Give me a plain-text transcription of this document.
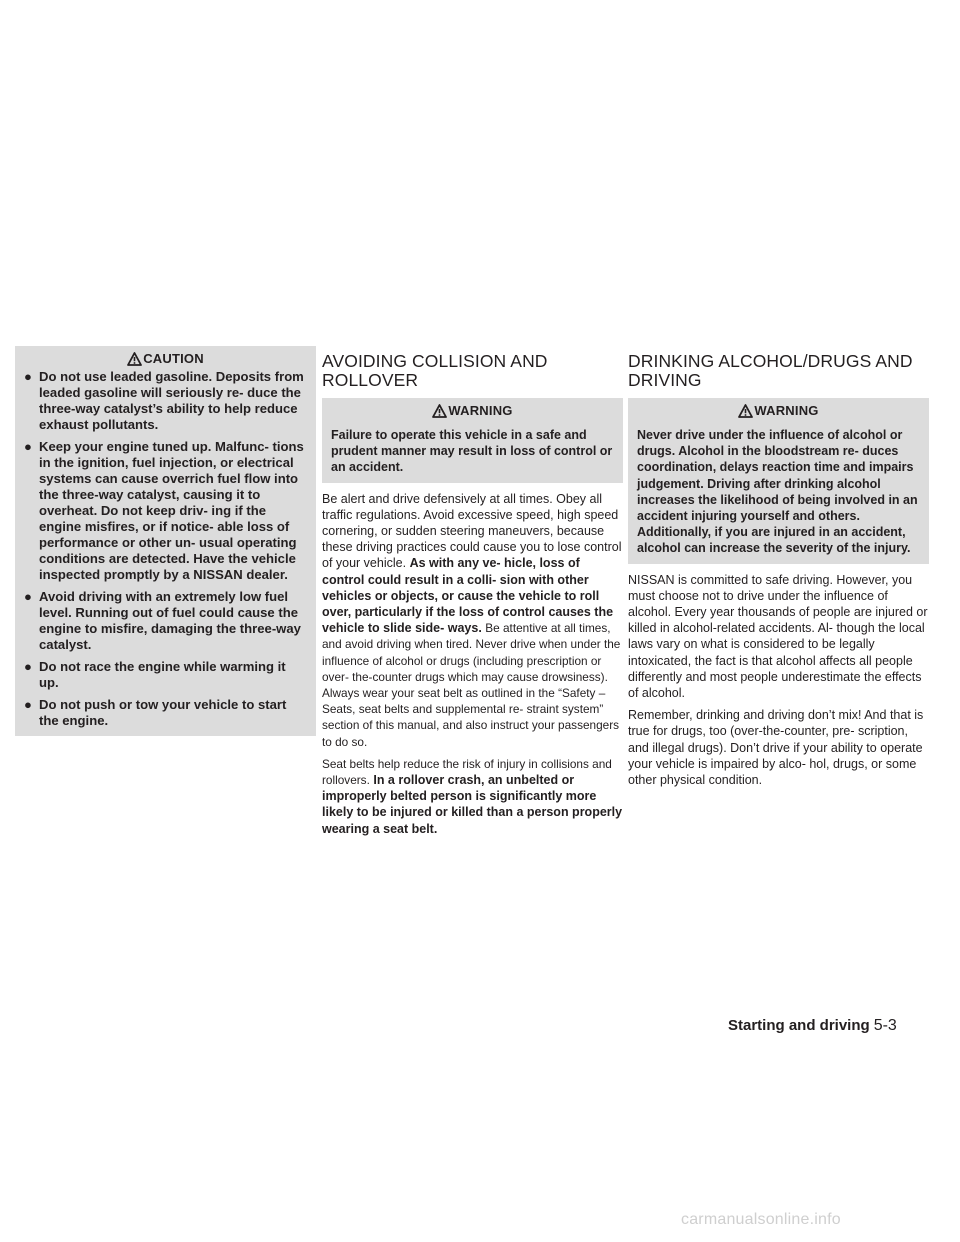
CAUTION
● Do not use leaded gasoline. Deposits from leaded gasoline will seriously re- duce the three-way catalyst’s ability to help reduce exhaust pollutants.
● Keep your engine tuned up. Malfunc- tions in the ignition, fuel injection, or electrical systems can cause overrich fuel flow into the three-way catalyst, causing it to overheat. Do not keep driv- ing if the engine misfires, or if notice- able loss of performance or other un- usual operating conditions are detected. Have the vehicle inspected promptly by a NISSAN dealer.
● Avoid driving with an extremely low fuel level. Running out of fuel could cause the engine to misfire, damaging the three-way catalyst.
● Do not race the engine while warming it up.
● Do not push or tow your vehicle to start the engine.
AVOIDING COLLISION AND ROLLOVER
WARNING

Failure to operate this vehicle in a safe and prudent manner may result in loss of control or an accident.

Be alert and drive defensively at all times. Obey all traffic regulations. Avoid excessive speed, high speed cornering, or sudden steering maneuvers, because these driving practices could cause you to lose control of your vehicle. As with any ve- hicle, loss of control could result in a colli- sion with other vehicles or objects, or cause the vehicle to roll over, particularly if the loss of control causes the vehicle to slide side- ways. Be attentive at all times, and avoid driving when tired. Never drive when under the influence of alcohol or drugs (including prescription or over- the-counter drugs which may cause drowsiness). Always wear your seat belt as outlined in the “Safety – Seats, seat belts and supplemental re- straint system” section of this manual, and also instruct your passengers to do so.

Seat belts help reduce the risk of injury in collisions and rollovers. In a rollover crash, an unbelted or improperly belted person is significantly more likely to be injured or killed than a person properly wearing a seat belt.

DRINKING ALCOHOL/DRUGS AND DRIVING
WARNING

Never drive under the influence of alcohol or drugs. Alcohol in the bloodstream re- duces coordination, delays reaction time and impairs judgement. Driving after drinking alcohol increases the likelihood of being involved in an accident injuring yourself and others. Additionally, if you are injured in an accident, alcohol can increase the severity of the injury.

NISSAN is committed to safe driving. However, you must choose not to drive under the influence of alcohol. Every year thousands of people are injured or killed in alcohol-related accidents. Al- though the local laws vary on what is considered to be legally intoxicated, the fact is that alcohol affects all people differently and most people underestimate the effects of alcohol.

Remember, drinking and driving don’t mix! And that is true for drugs, too (over-the-counter, pre- scription, and illegal drugs). Don’t drive if your ability to operate your vehicle is impaired by alco- hol, drugs, or some other physical condition.

Starting and driving 5-3
carmanualsonline.info
